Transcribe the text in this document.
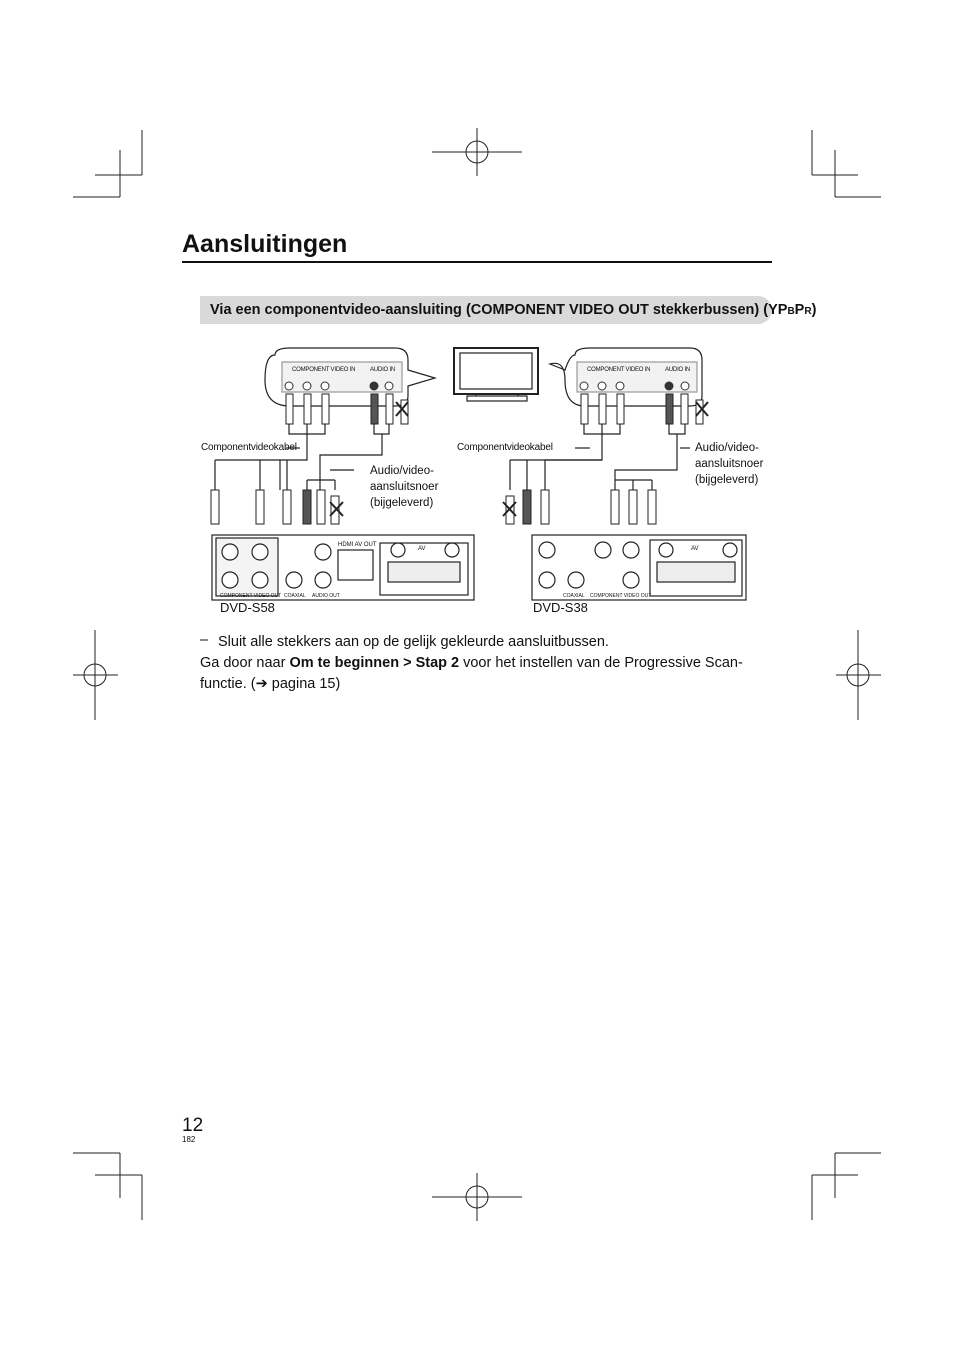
Aansluitingen
Via een componentvideo-aansluiting (COMPONENT VIDEO OUT stekkerbussen) (YPBPR)
COMPONENT VIDEO IN AUDIO IN	COMPONENT VIDEO IN AUDIO IN
Componentvideokabel
Audio/video-
aansluitsnoer
(bijgeleverd)
Componentvideokabel	Audio/video-
aansluitsnoer
(bijgeleverd)
COMPONENT VIDEO OUT COAXIAL AUDIO OUT
HDMI AV OUT
AV
COAXIAL COMPONENT VIDEO OUT
AV
DVD-S58	DVD-S38
– Sluit alle stekkers aan op de gelijk gekleurde aansluitbussen.
Ga door naar Om te beginnen > Stap 2 voor het instellen van de Progressive Scan-
functie. (➔ pagina 15)
12
182
